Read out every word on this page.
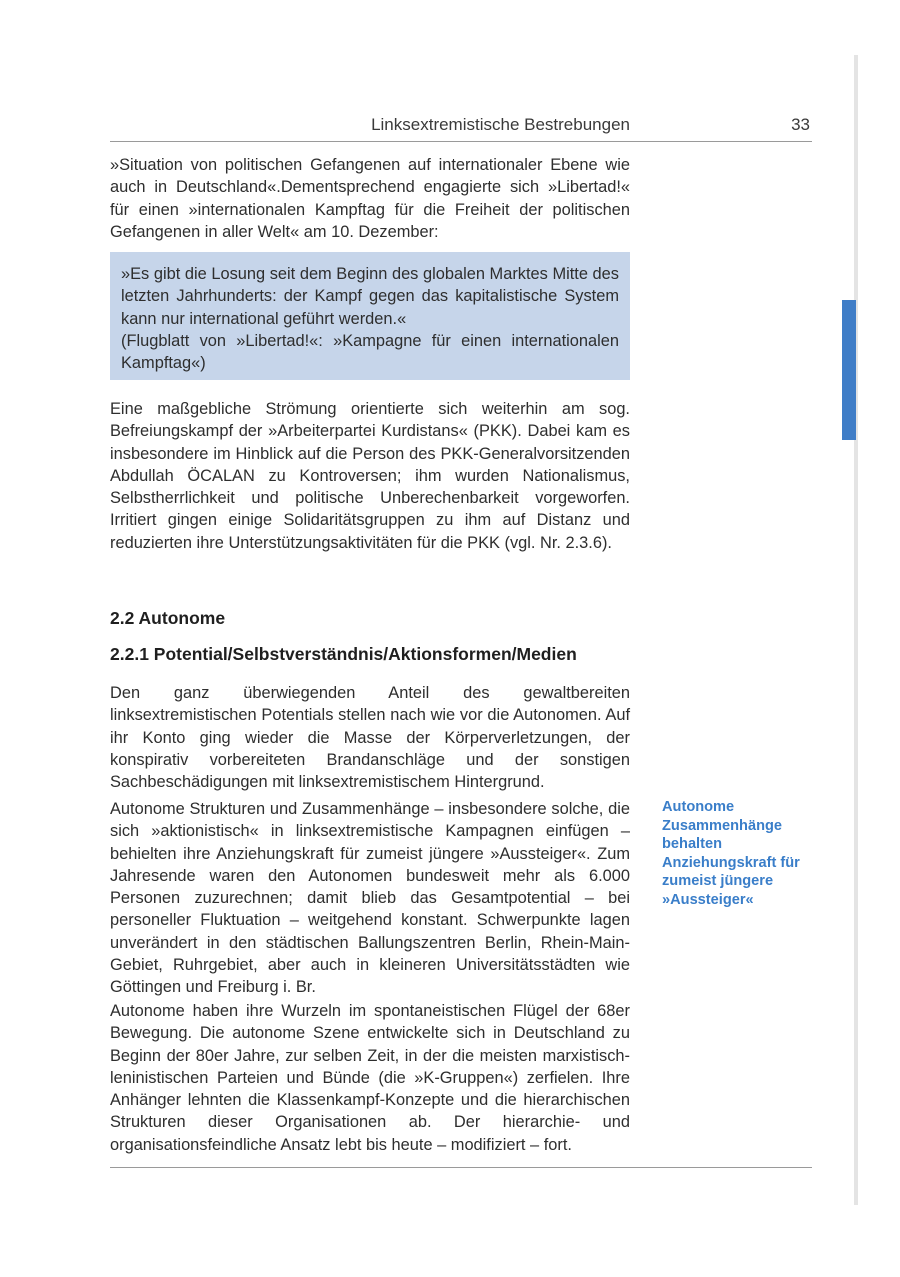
Linksextremistische Bestrebungen	33

»Situation von politischen Gefangenen auf internationaler Ebene wie auch in Deutschland«.Dementsprechend engagierte sich »Libertad!« für einen »internationalen Kampftag für die Freiheit der politischen Gefangenen in aller Welt« am 10. Dezember:

»Es gibt die Losung seit dem Beginn des globalen Marktes Mitte des letzten Jahrhunderts: der Kampf gegen das kapitalistische System kann nur international geführt werden.«

(Flugblatt von »Libertad!«: »Kampagne für einen internationalen Kampftag«)

Eine maßgebliche Strömung orientierte sich weiterhin am sog. Befreiungskampf der »Arbeiterpartei Kurdistans« (PKK). Dabei kam es insbesondere im Hinblick auf die Person des PKK-Generalvorsitzenden Abdullah ÖCALAN zu Kontroversen; ihm wurden Nationalismus, Selbstherrlichkeit und politische Unberechenbarkeit vorgeworfen. Irritiert gingen einige Solidaritätsgruppen zu ihm auf Distanz und reduzierten ihre Unterstützungsaktivitäten für die PKK (vgl. Nr. 2.3.6).

2.2 Autonome
2.2.1 Potential/Selbstverständnis/Aktionsformen/Medien

Den ganz überwiegenden Anteil des gewaltbereiten linksextremistischen Potentials stellen nach wie vor die Autonomen. Auf ihr Konto ging wieder die Masse der Körperverletzungen, der konspirativ vorbereiteten Brandanschläge und der sonstigen Sachbeschädigungen mit linksextremistischem Hintergrund.

Autonome Strukturen und Zusammenhänge – insbesondere solche, die sich »aktionistisch« in linksextremistische Kampagnen einfügen – behielten ihre Anziehungskraft für zumeist jüngere »Aussteiger«. Zum Jahresende waren den Autonomen bundesweit mehr als 6.000 Personen zuzurechnen; damit blieb das Gesamtpotential – bei personeller Fluktuation – weitgehend konstant. Schwerpunkte lagen unverändert in den städtischen Ballungszentren Berlin, Rhein-Main-Gebiet, Ruhrgebiet, aber auch in kleineren Universitätsstädten wie Göttingen und Freiburg i. Br.

Autonome haben ihre Wurzeln im spontaneistischen Flügel der 68er Bewegung. Die autonome Szene entwickelte sich in Deutschland zu Beginn der 80er Jahre, zur selben Zeit, in der die meisten marxistisch-leninistischen Parteien und Bünde (die »K-Gruppen«) zerfielen. Ihre Anhänger lehnten die Klassenkampf-Konzepte und die hierarchischen Strukturen dieser Organisationen ab. Der hierarchie- und organisationsfeindliche Ansatz lebt bis heute – modifiziert – fort.

Autonome Zusammenhänge behalten Anziehungskraft für zumeist jüngere »Aussteiger«
